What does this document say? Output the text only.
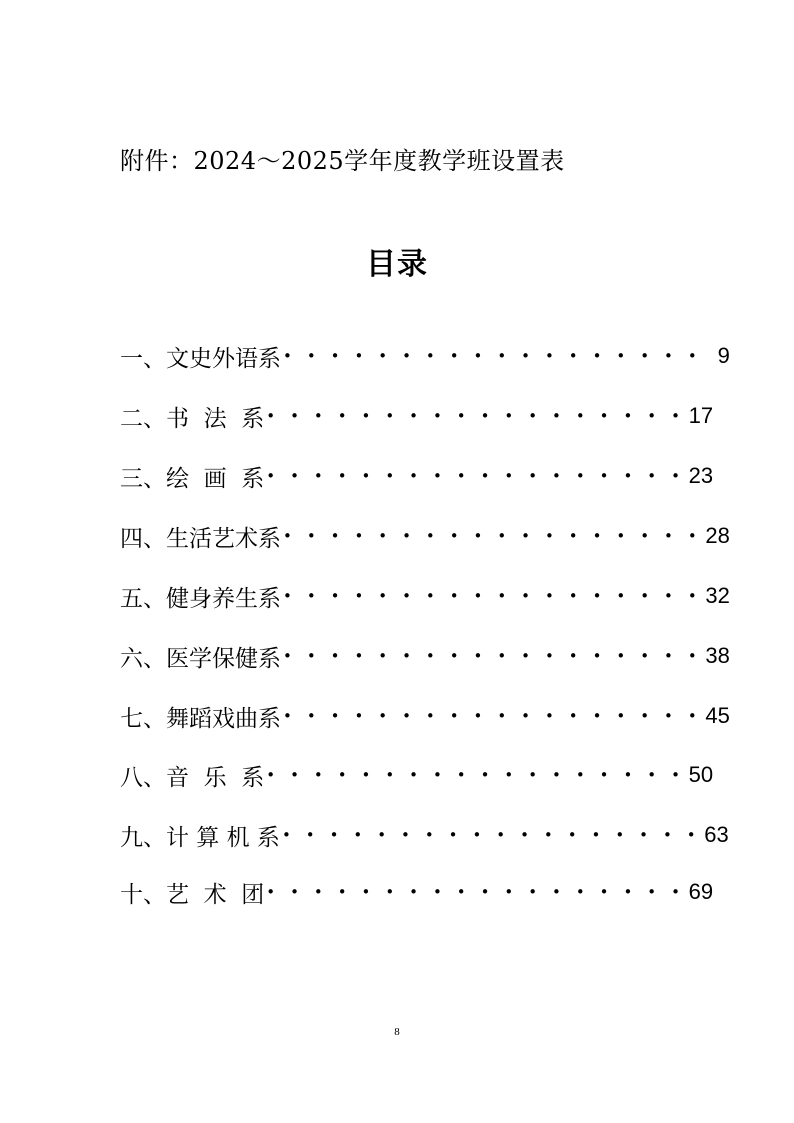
附件：2024～2025学年度教学班设置表
目录
一、文史外语系 • • • • • • • • • • • • • • • • • • 9
二、书  法  系 • • • • • • • • • • • • • • • • • • 17
三、绘  画  系 • • • • • • • • • • • • • • • • • • 23
四、生活艺术系 • • • • • • • • • • • • • • • • • • 28
五、健身养生系 • • • • • • • • • • • • • • • • • • 32
六、医学保健系 • • • • • • • • • • • • • • • • • • 38
七、舞蹈戏曲系 • • • • • • • • • • • • • • • • • • 45
八、音  乐  系 • • • • • • • • • • • • • • • • • • 50
九、计 算 机 系 • • • • • • • • • • • • • • • • • • 63
十、艺  术  团 • • • • • • • • • • • • • • • • • • 69
8
